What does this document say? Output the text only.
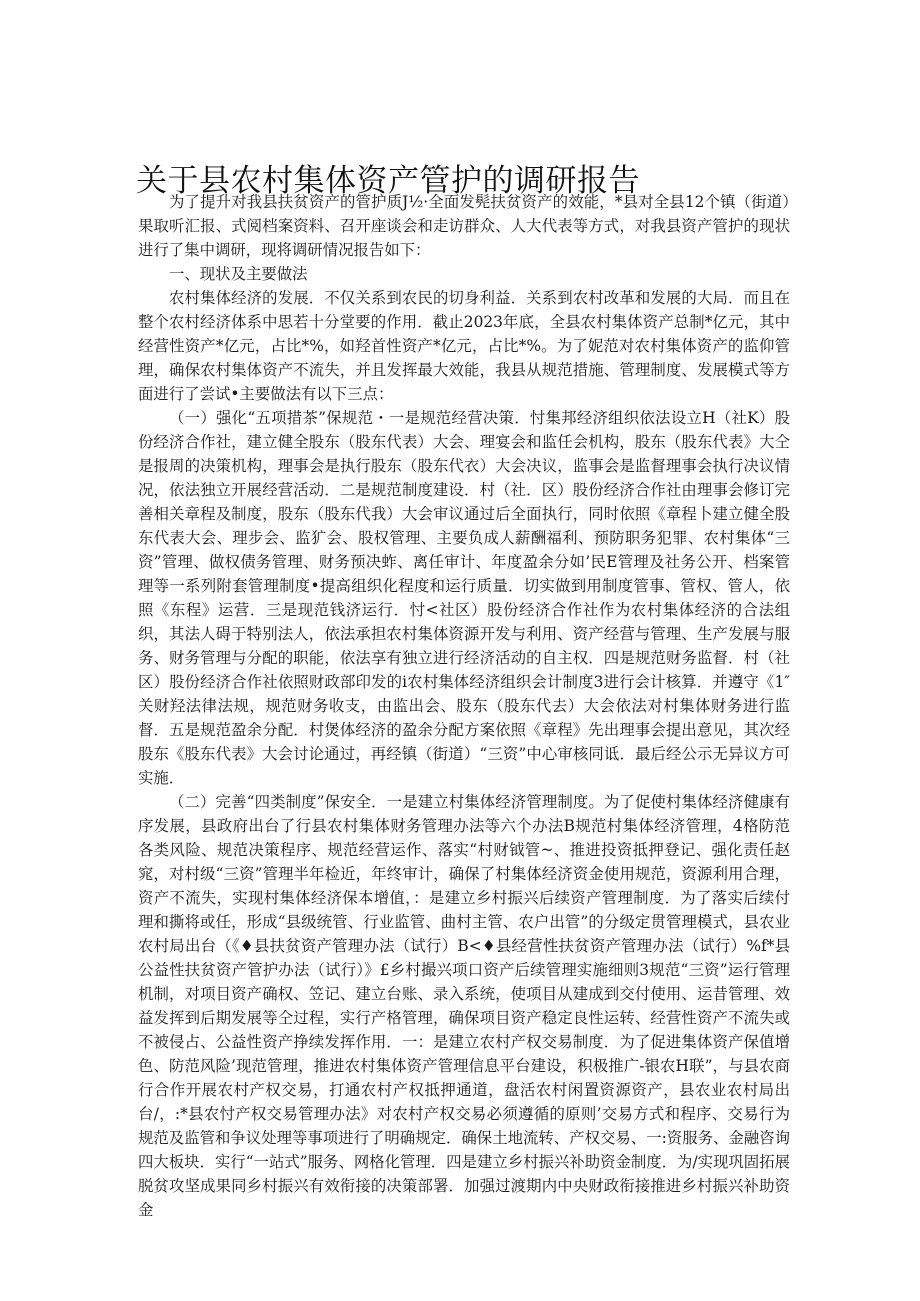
关于县农村集体资产管护的调研报告

为了提升对我县扶贫资产的管护质J½·全面发髡扶贫资产的效能，*县对全县12个镇（街道）果取听汇报、式阅档案资料、召开座谈会和走访群众、人大代表等方式，对我县资产管护的现状进行了集中调研，现将调研情况报告如下：

一、现状及主要做法

农村集体经济的发展．不仅关系到农民的切身利益．关系到农村改革和发展的大局．而且在整个农村经济体系中思若十分堂要的作用．截止2023年底，全县农村集体资产总制*亿元，其中经营性资产*亿元，占比*%，如羟首性资产*亿元，占比*%。为了妮范对农村集体资产的监仰管理，确保农村集体资产不流失，并且发挥最大效能，我县从规范措施、管理制度、发展模式等方面进行了尝试•主要做法有以下三点：

（一）强化“五项措茶”保规范・一是规范经营决策．忖集邦经济组织依法设立H（社K）股份经济合作社，建立健全股东（股东代表）大会、理宴会和监任会机构，股东（股东代表》大仝是报周的决策机构，理事会是执行股东（股东代衣）大会决议，监事会是监督理事会执行决议情况，依法独立开展经营活动．二是规范制度建设．村（社．区）股份经济合作社由理事会修订完善相关章程及制度，股东（股东代我）大会审议通过后全面执行，同时依照《章程卜建立健全股东代表大会、理步会、监犷会、股权管理、主要负成人薪酬福利、预防职务犯罪、农村集体“三资”管理、做权债务管理、财务预决蚱、离任审计、年度盈余分如’民E管理及社务公开、档案管理等一系列附套管理制度•提高组织化程度和运行质量．切实做到用制度管事、管权、管人，依照《东程》运营．三是现范钱济运行．忖<社区）股份经济合作社作为农村集体经济的合法组织，其法人碍于特别法人，依法承担农村集体资源开发与利用、资产经营与管理、生产发展与服务、财务管理与分配的职能，依法享有独立进行经济活动的自主权．四是规范财务监督．村（社区）股份经济合作社依照财政部印发的i农村集体经济组织会计制度3进行会计核算．并遵守《1″关财羟法律法规，规范财务收支，由监出会、股东（股东代去）大会依法对村集体财务进行监督．五是规范盈余分配．村煲体经济的盈余分配方案依照《章程》先出理事会提出意见，其次经股东《股东代表》大会讨论通过，再经镇（街道）“三资”中心审核同诋．最后经公示无异议方可实施．

（二）完善“四类制度”保安全．一是建立村集体经济管理制度。为了促使村集体经济健康有序发展，县政府出台了行县农村集体财务管理办法等六个办法B规范村集体经济管理，4格防范各类风险、规范决策程序、规范经营运作、落实“村财钺管~、推进投资抵押登记、强化责任赵窕，对村级“三资”管理半年检近，年终审计，确保了村集体经济资金使用规范，资源利用合理，资产不流失，实现村集体经济保本增值，：是建立乡村振兴后续资产管理制度．为了落实后续付理和撕将或任，形成“县级统管、行业监管、曲村主管、农户出管”的分级定贯管理模式，县农业农村局出台（《♦县扶贫资产管理办法（试行）B<♦县经营性扶贫资产管理办法（试行）%f*县公益性扶贫资产管护办法（试行）》£乡村撮兴项口资产后续管理实施细则3规范“三资”运行管理机制，对项目资产确权、笠记、建立台账、录入系统，使项目从建成到交付使用、运昔管理、效益发挥到后期发展等仝过程，实行产格管理，确保项目资产稳定良性运转、经营性资产不流失或不被侵占、公益性资产挣续发挥作用．一：是建立农村产权交易制度．为了促进集体资产保值增色、防范风险’现范管理，推进农村集体资产管理信息平台建设，积极推广-银农H联”，与县农商行合作开展农村产权交易，打通农村产权抵押通道，盘活农村闲置资源资产，县农业农村局出台/，:*县农忖产权交易管理办法》对农村产权交易必须遵循的原则’交易方式和程序、交易行为规范及监管和争议处理等事项进行了明确规定．确保土地流转、产权交易、一:资服务、金融咨询四大板块．实行“一站式”服务、网格化管理．四是建立乡村振兴补助资金制度．为/实现巩固拓展脱贫攻坚成果同乡村振兴有效衔接的决策部署．加强过渡期内中央财政衔接推进乡村振兴补助资金
